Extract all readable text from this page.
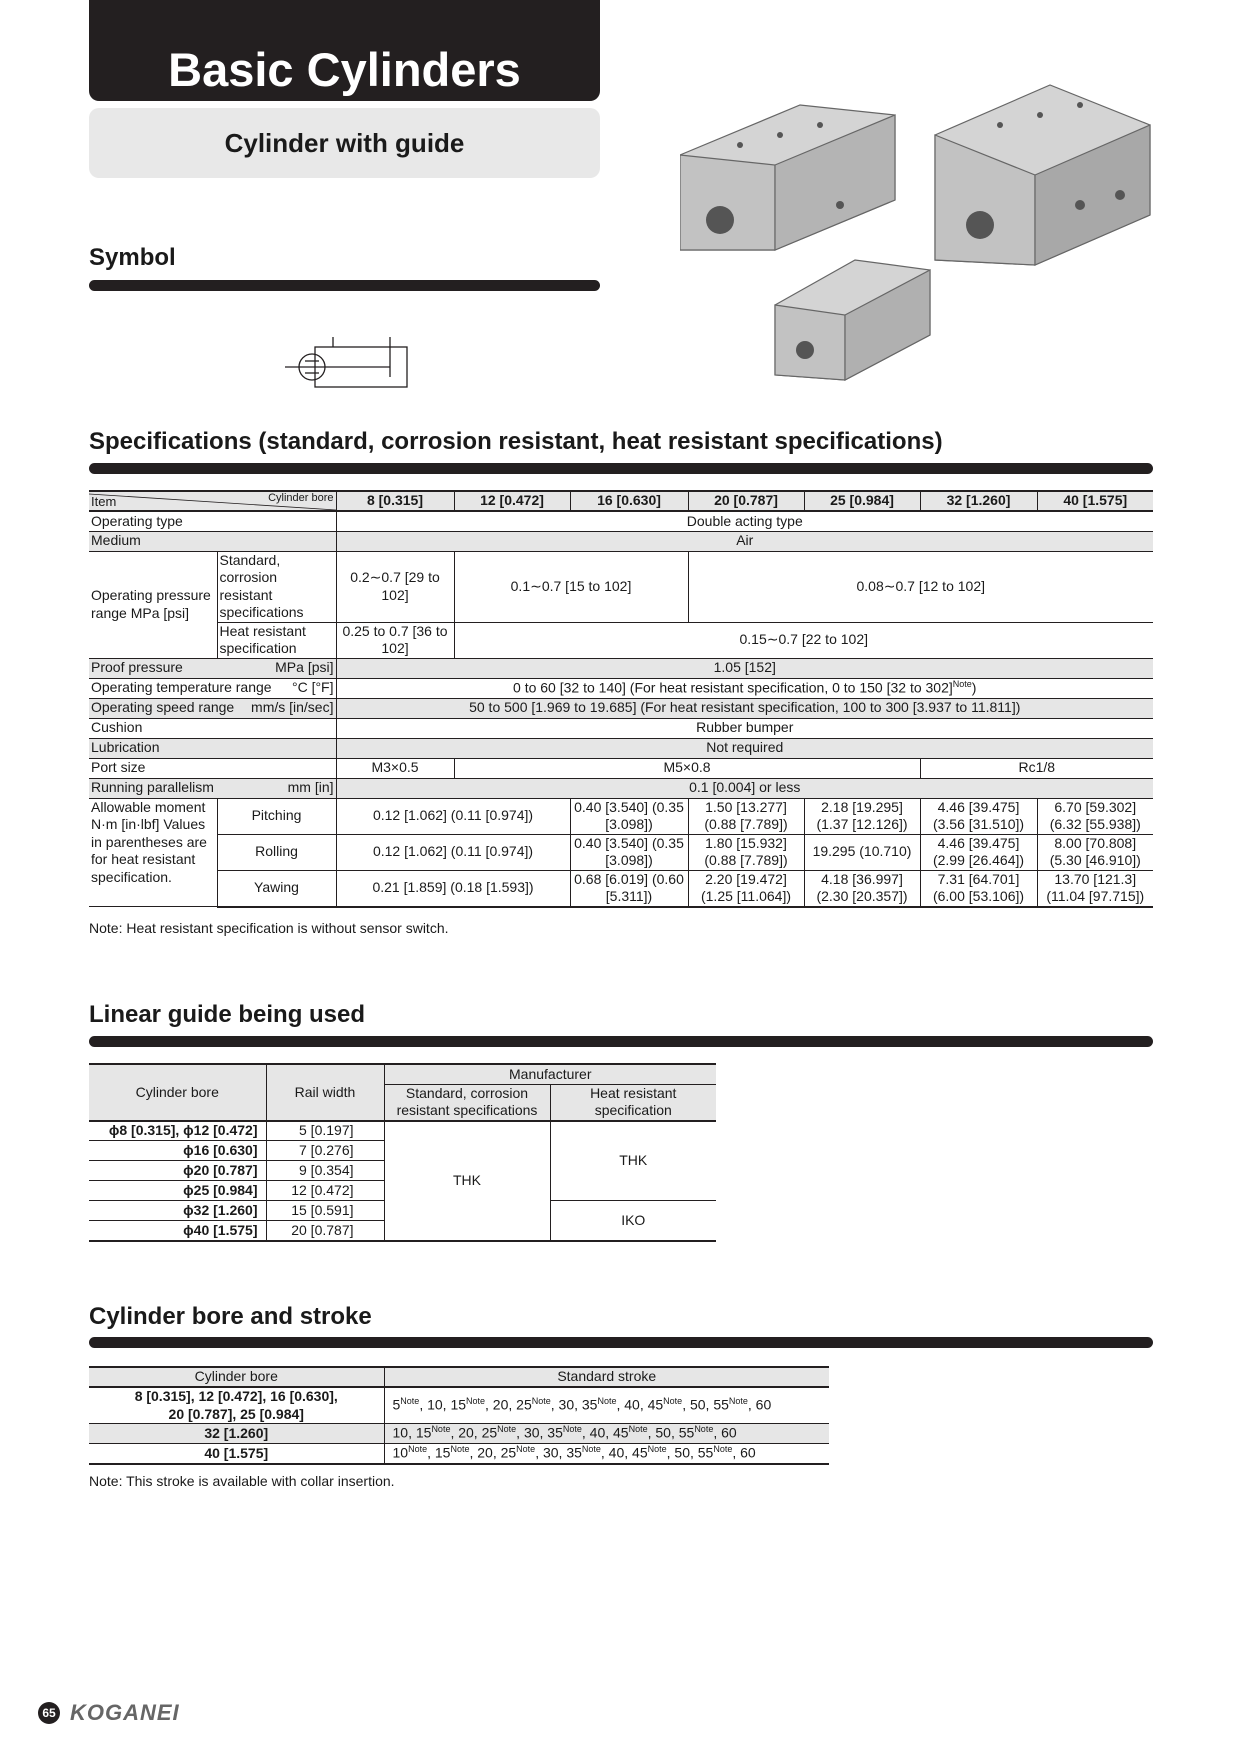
Basic Cylinders
Cylinder with guide
Symbol
Specifications (standard, corrosion resistant, heat resistant specifications)
Item Cylinder bore		8 [0.315]	12 [0.472]	16 [0.630]	20 [0.787]	25 [0.984]	32 [1.260]	40 [1.575]
Operating type		Double acting type						
Medium		Air						
Operating pressure range MPa [psi]	Standard, corrosion resistant specifications	0.2∼0.7 [29 to 102]	0.1∼0.7 [15 to 102]		0.08∼0.7 [12 to 102]			
	Heat resistant specification	0.25 to 0.7 [36 to 102]	0.15∼0.7 [22 to 102]					
Proof pressure MPa [psi]		1.05 [152]						
Operating temperature range °C [°F]		0 to 60 [32 to 140] (For heat resistant specification, 0 to 150 [32 to 302]$^{Note}$)						
Operating speed range mm/s [in/sec]		50 to 500 [1.969 to 19.685] (For heat resistant specification, 100 to 300 [3.937 to 11.811])						
Cushion		Rubber bumper						
Lubrication		Not required						
Port size		M3×0.5	M5×0.8				Rc1/8	
Running parallelism mm [in]		0.1 [0.004] or less						
Allowable moment N·m [in·lbf] Values in parentheses are for heat resistant specification.	Pitching	0.12 [1.062] (0.11 [0.974])		0.40 [3.540] (0.35 [3.098])	1.50 [13.277] (0.88 [7.789])	2.18 [19.295] (1.37 [12.126])	4.46 [39.475] (3.56 [31.510])	6.70 [59.302] (6.32 [55.938])
	Rolling	0.12 [1.062] (0.11 [0.974])		0.40 [3.540] (0.35 [3.098])	1.80 [15.932] (0.88 [7.789])	19.295 (10.710)	4.46 [39.475] (2.99 [26.464])	8.00 [70.808] (5.30 [46.910])
	Yawing	0.21 [1.859] (0.18 [1.593])		0.68 [6.019] (0.60 [5.311])	2.20 [19.472] (1.25 [11.064])	4.18 [36.997] (2.30 [20.357])	7.31 [64.701] (6.00 [53.106])	13.70 [121.3] (11.04 [97.715])
Note: Heat resistant specification is without sensor switch.
Linear guide being used
Cylinder bore	Rail width	Manufacturer	
		Standard, corrosion resistant specifications	Heat resistant specification
ϕ8 [0.315], ϕ12 [0.472]	5 [0.197]	THK	THK
ϕ16 [0.630]	7 [0.276]		
ϕ20 [0.787]	9 [0.354]		
ϕ25 [0.984]	12 [0.472]		
ϕ32 [1.260]	15 [0.591]		IKO
ϕ40 [1.575]	20 [0.787]		
Cylinder bore and stroke
Cylinder bore	Standard stroke
8 [0.315], 12 [0.472], 16 [0.630],
20 [0.787], 25 [0.984]	$5^{Note}$, 10, $15^{Note}$, 20, $25^{Note}$, 30, $35^{Note}$, 40, $45^{Note}$, 50, $55^{Note}$, 60
32 [1.260]	10, $15^{Note}$, 20, $25^{Note}$, 30, $35^{Note}$, 40, $45^{Note}$, 50, $55^{Note}$, 60
40 [1.575]	$10^{Note}$, $15^{Note}$, 20, $25^{Note}$, 30, $35^{Note}$, 40, $45^{Note}$, 50, $55^{Note}$, 60
Note: This stroke is available with collar insertion.
65 KOGANEI
